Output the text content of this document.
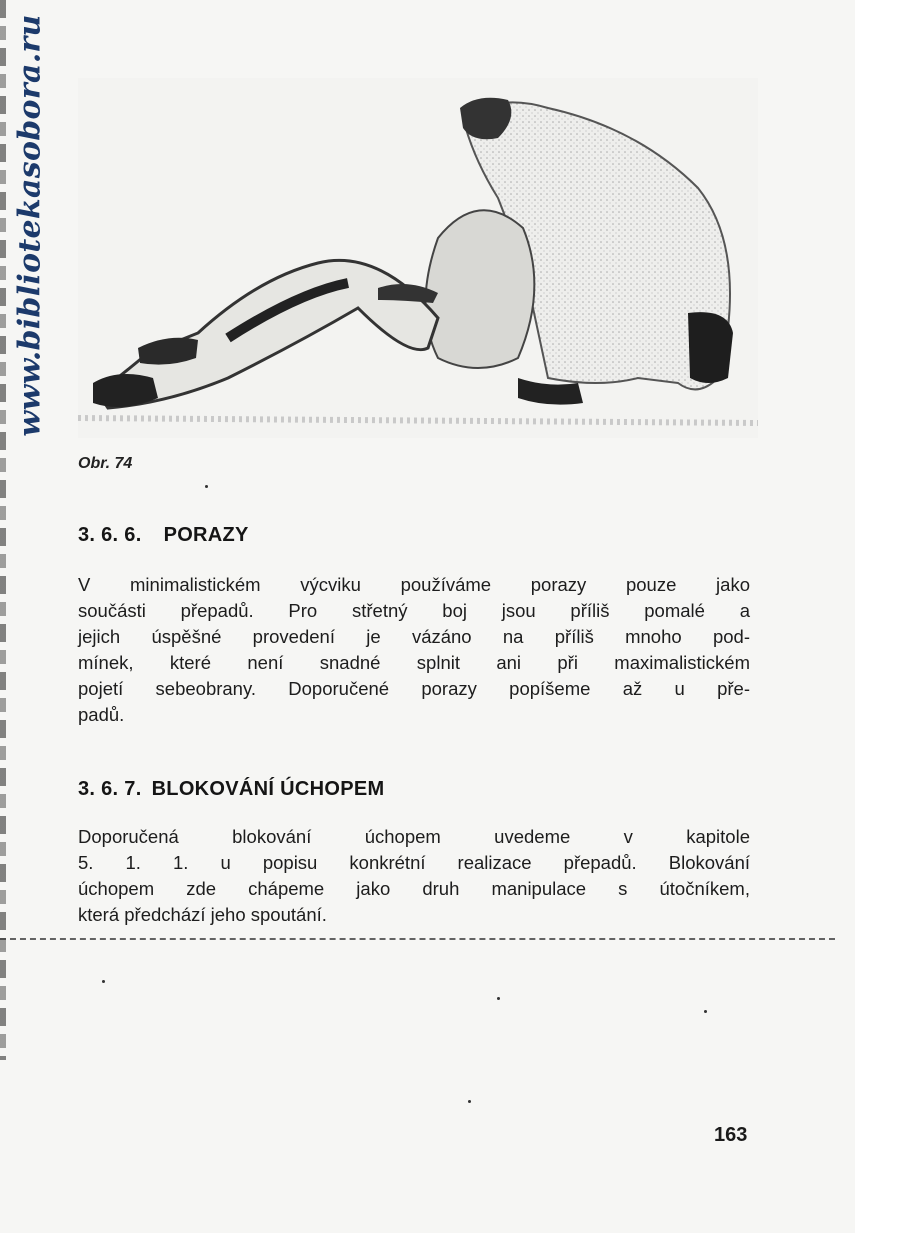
www.bibliotekasobora.ru
Obr. 74
3. 6. 6. PORAZY

V minimalistickém výcviku používáme porazy pouze jako

součásti přepadů. Pro střetný boj jsou příliš pomalé a

jejich úspěšné provedení je vázáno na příliš mnoho pod-

mínek, které není snadné splnit ani při maximalistickém

pojetí sebeobrany. Doporučené porazy popíšeme až u pře-

padů.

3. 6. 7. BLOKOVÁNÍ ÚCHOPEM

Doporučená blokování úchopem uvedeme v kapitole

5. 1. 1. u popisu konkrétní realizace přepadů. Blokování

úchopem zde chápeme jako druh manipulace s útočníkem,

která předchází jeho spoutání.

163
